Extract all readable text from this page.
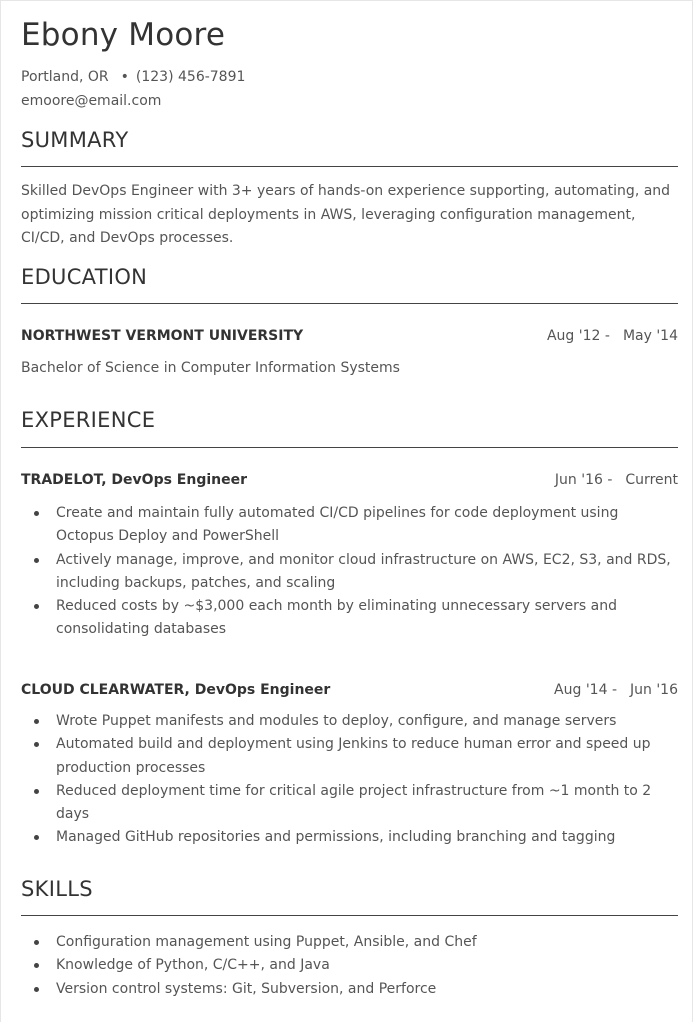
Ebony Moore
Portland, OR • (123) 456-7891
emoore@email.com
SUMMARY
Skilled DevOps Engineer with 3+ years of hands-on experience supporting, automating, and optimizing mission critical deployments in AWS, leveraging configuration management, CI/CD, and DevOps processes.
EDUCATION
NORTHWEST VERMONT UNIVERSITY	Aug '12 - May '14
Bachelor of Science in Computer Information Systems
EXPERIENCE
TRADELOT, DevOps Engineer	Jun '16 - Current
Create and maintain fully automated CI/CD pipelines for code deployment using Octopus Deploy and PowerShell
Actively manage, improve, and monitor cloud infrastructure on AWS, EC2, S3, and RDS, including backups, patches, and scaling
Reduced costs by ~$3,000 each month by eliminating unnecessary servers and consolidating databases
CLOUD CLEARWATER, DevOps Engineer	Aug '14 - Jun '16
Wrote Puppet manifests and modules to deploy, configure, and manage servers
Automated build and deployment using Jenkins to reduce human error and speed up production processes
Reduced deployment time for critical agile project infrastructure from ~1 month to 2 days
Managed GitHub repositories and permissions, including branching and tagging
SKILLS
Configuration management using Puppet, Ansible, and Chef
Knowledge of Python, C/C++, and Java
Version control systems: Git, Subversion, and Perforce
